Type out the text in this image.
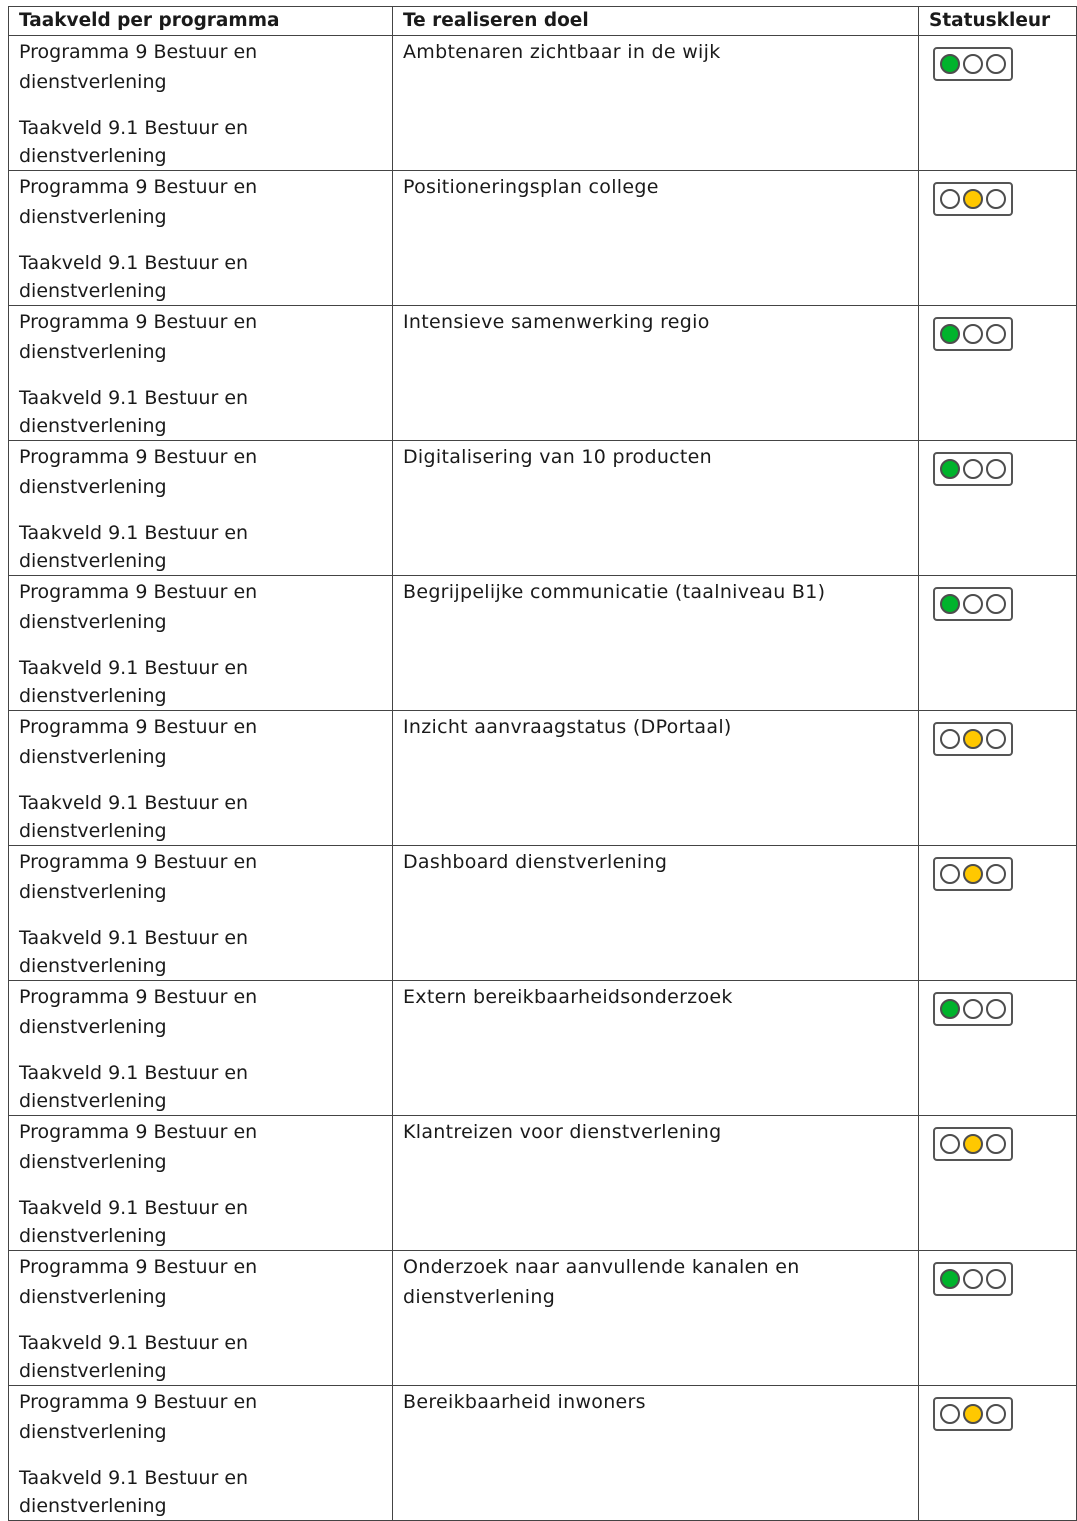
Taakveld per programma	Te realiseren doel	Statuskleur

Programma 9 Bestuur en dienstverlening
Taakveld 9.1 Bestuur en dienstverlening	Ambtenaren zichtbaar in de wijk	

Programma 9 Bestuur en dienstverlening
Taakveld 9.1 Bestuur en dienstverlening	Positioneringsplan college	

Programma 9 Bestuur en dienstverlening
Taakveld 9.1 Bestuur en dienstverlening	Intensieve samenwerking regio	

Programma 9 Bestuur en dienstverlening
Taakveld 9.1 Bestuur en dienstverlening	Digitalisering van 10 producten	

Programma 9 Bestuur en dienstverlening
Taakveld 9.1 Bestuur en dienstverlening	Begrijpelijke communicatie (taalniveau B1)	

Programma 9 Bestuur en dienstverlening
Taakveld 9.1 Bestuur en dienstverlening	Inzicht aanvraagstatus (DPortaal)	

Programma 9 Bestuur en dienstverlening
Taakveld 9.1 Bestuur en dienstverlening	Dashboard dienstverlening	

Programma 9 Bestuur en dienstverlening
Taakveld 9.1 Bestuur en dienstverlening	Extern bereikbaarheidsonderzoek	

Programma 9 Bestuur en dienstverlening
Taakveld 9.1 Bestuur en dienstverlening	Klantreizen voor dienstverlening	

Programma 9 Bestuur en dienstverlening
Taakveld 9.1 Bestuur en dienstverlening	Onderzoek naar aanvullende kanalen en dienstverlening	

Programma 9 Bestuur en dienstverlening
Taakveld 9.1 Bestuur en dienstverlening	Bereikbaarheid inwoners	
